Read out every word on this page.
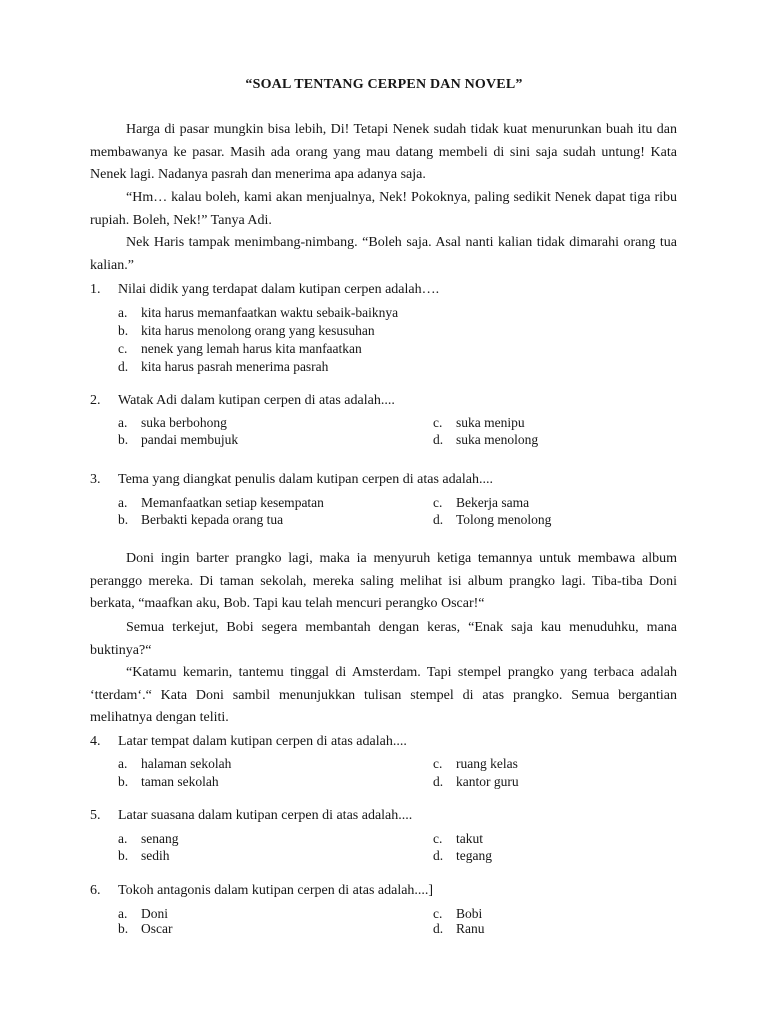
“SOAL TENTANG CERPEN DAN NOVEL”

Harga di pasar mungkin bisa lebih, Di! Tetapi Nenek sudah tidak kuat menurunkan buah itu dan membawanya ke pasar. Masih ada orang yang mau datang membeli di sini saja sudah untung! Kata Nenek lagi. Nadanya pasrah dan menerima apa adanya saja.

“Hm… kalau boleh, kami akan menjualnya, Nek! Pokoknya, paling sedikit Nenek dapat tiga ribu rupiah. Boleh, Nek!” Tanya Adi.

Nek Haris tampak menimbang-nimbang. “Boleh saja. Asal nanti kalian tidak dimarahi orang tua kalian.”

1. Nilai didik yang terdapat dalam kutipan cerpen adalah….
a. kita harus memanfaatkan waktu sebaik-baiknya
b. kita harus menolong orang yang kesusuhan
c. nenek yang lemah harus kita manfaatkan
d. kita harus pasrah menerima pasrah
2. Watak Adi dalam kutipan cerpen di atas adalah....
a. suka berbohong	c. suka menipu
b. pandai membujuk	d. suka menolong
3. Tema yang diangkat penulis dalam kutipan cerpen di atas adalah....
a. Memanfaatkan setiap kesempatan	c. Bekerja sama
b. Berbakti kepada orang tua	d. Tolong menolong

Doni ingin barter prangko lagi, maka ia menyuruh ketiga temannya untuk membawa album peranggo mereka. Di taman sekolah, mereka saling melihat isi album prangko lagi. Tiba-tiba Doni berkata, “maafkan aku, Bob. Tapi kau telah mencuri perangko Oscar!“

Semua terkejut, Bobi segera membantah dengan keras, “Enak saja kau menuduhku, mana buktinya?“

“Katamu kemarin, tantemu tinggal di Amsterdam. Tapi stempel prangko yang terbaca adalah ‘tterdam‘.“ Kata Doni sambil menunjukkan tulisan stempel di atas prangko. Semua bergantian melihatnya dengan teliti.

4. Latar tempat dalam kutipan cerpen di atas adalah....
a. halaman sekolah	c. ruang kelas
b. taman sekolah	d. kantor guru
5. Latar suasana dalam kutipan cerpen di atas adalah....
a. senang	c. takut
b. sedih	d. tegang
6. Tokoh antagonis dalam kutipan cerpen di atas adalah....]
a. Doni	c. Bobi
b. Oscar	d. Ranu
